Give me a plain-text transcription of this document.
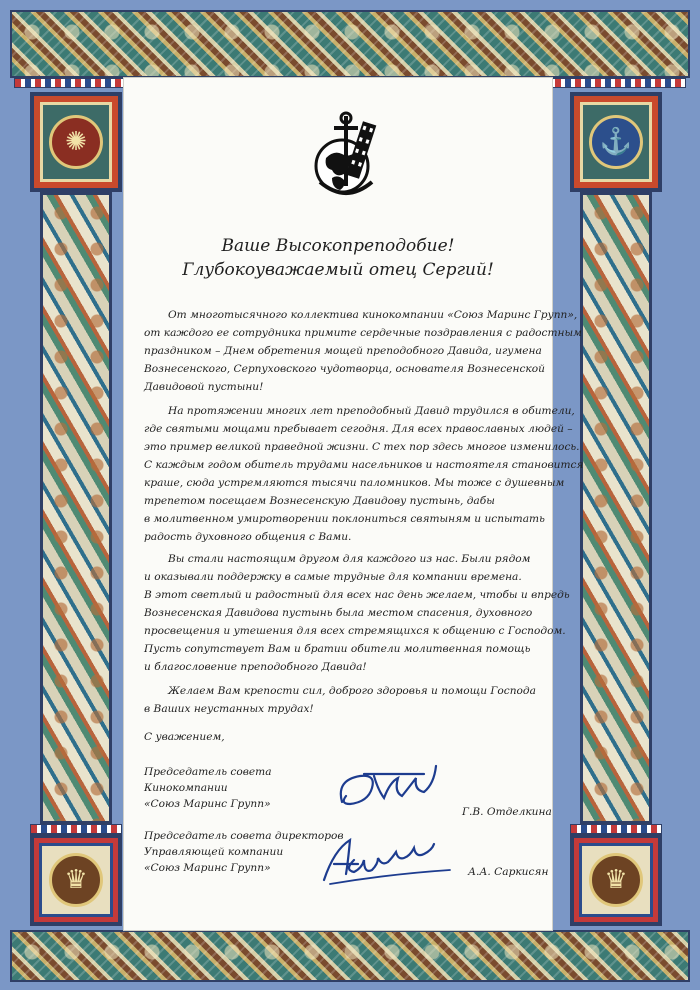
✺
♛
⚓
♛
Ваше Высокопреподобие!
Глубокоуважаемый отец Сергий!
От многотысячного коллектива кинокомпании «Союз Маринс Групп»,
от каждого ее сотрудника примите сердечные поздравления с радостным
праздником – Днем обретения мощей преподобного Давида, игумена
Вознесенского, Серпуховского чудотворца, основателя Вознесенской
Давидовой пустыни!
На протяжении многих лет преподобный Давид трудился в обители,
где святыми мощами пребывает сегодня. Для всех православных людей –
это пример великой праведной жизни. С тех пор здесь многое изменилось.
С каждым годом обитель трудами насельников и настоятеля становится
краше, сюда устремляются тысячи паломников. Мы тоже с душевным
трепетом посещаем Вознесенскую Давидову пустынь, дабы
в молитвенном умиротворении поклониться святыням и испытать
радость духовного общения с Вами.
Вы стали настоящим другом для каждого из нас. Были рядом
и оказывали поддержку в самые трудные для компании времена.
В этот светлый и радостный для всех нас день желаем, чтобы и впредь
Вознесенская Давидова пустынь была местом спасения, духовного
просвещения и утешения для всех стремящихся к общению с Господом.
Пусть сопутствует Вам и братии обители молитвенная помощь
и благословение преподобного Давида!
Желаем Вам крепости сил, доброго здоровья и помощи Господа
в Ваших неустанных трудах!
С уважением,
Председатель совета
Кинокомпании
«Союз Маринс Групп»
Г.В. Отделкина
Председатель совета директоров
Управляющей компании
«Союз Маринс Групп»	А.А. Саркисян
